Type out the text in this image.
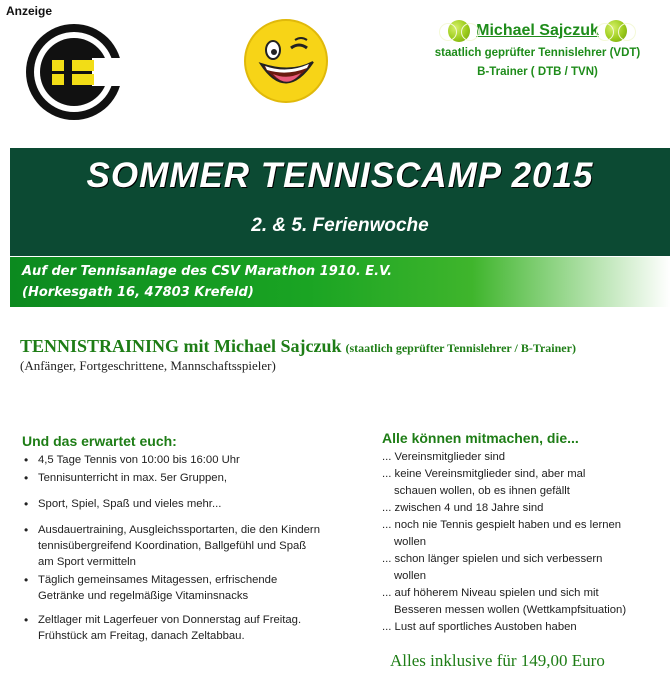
Anzeige
Michael Sajczuk
staatlich geprüfter Tennislehrer (VDT)
B-Trainer ( DTB / TVN)
SOMMER TENNISCAMP 2015
2. & 5. Ferienwoche
Auf der Tennisanlage des CSV Marathon 1910. E.V.
(Horkesgath 16, 47803 Krefeld)
TENNISTRAINING mit Michael Sajczuk (staatlich geprüfter Tennislehrer / B-Trainer)
(Anfänger, Fortgeschrittene, Mannschaftsspieler)
Und das erwartet euch:
• 4,5 Tage Tennis von 10:00 bis 16:00 Uhr
• Tennisunterricht in max. 5er Gruppen,
• Sport, Spiel, Spaß und vieles mehr...
• Ausdauertraining, Ausgleichssportarten, die den Kindern tennisübergreifend Koordination, Ballgefühl und Spaß am Sport vermitteln
• Täglich gemeinsames Mitagessen, erfrischende Getränke und regelmäßige Vitaminsnacks
• Zeltlager mit Lagerfeuer von Donnerstag auf Freitag. Frühstück am Freitag, danach Zeltabbau.
Alle können mitmachen, die...
... Vereinsmitglieder sind
... keine Vereinsmitglieder sind, aber mal
schauen wollen, ob es ihnen gefällt
... zwischen 4 und 18 Jahre sind
... noch nie Tennis gespielt haben und es lernen
wollen
... schon länger spielen und sich verbessern
wollen
... auf höherem Niveau spielen und sich mit
Besseren messen wollen (Wettkampfsituation)
... Lust auf sportliches Austoben haben
Alles inklusive für 149,00 Euro
